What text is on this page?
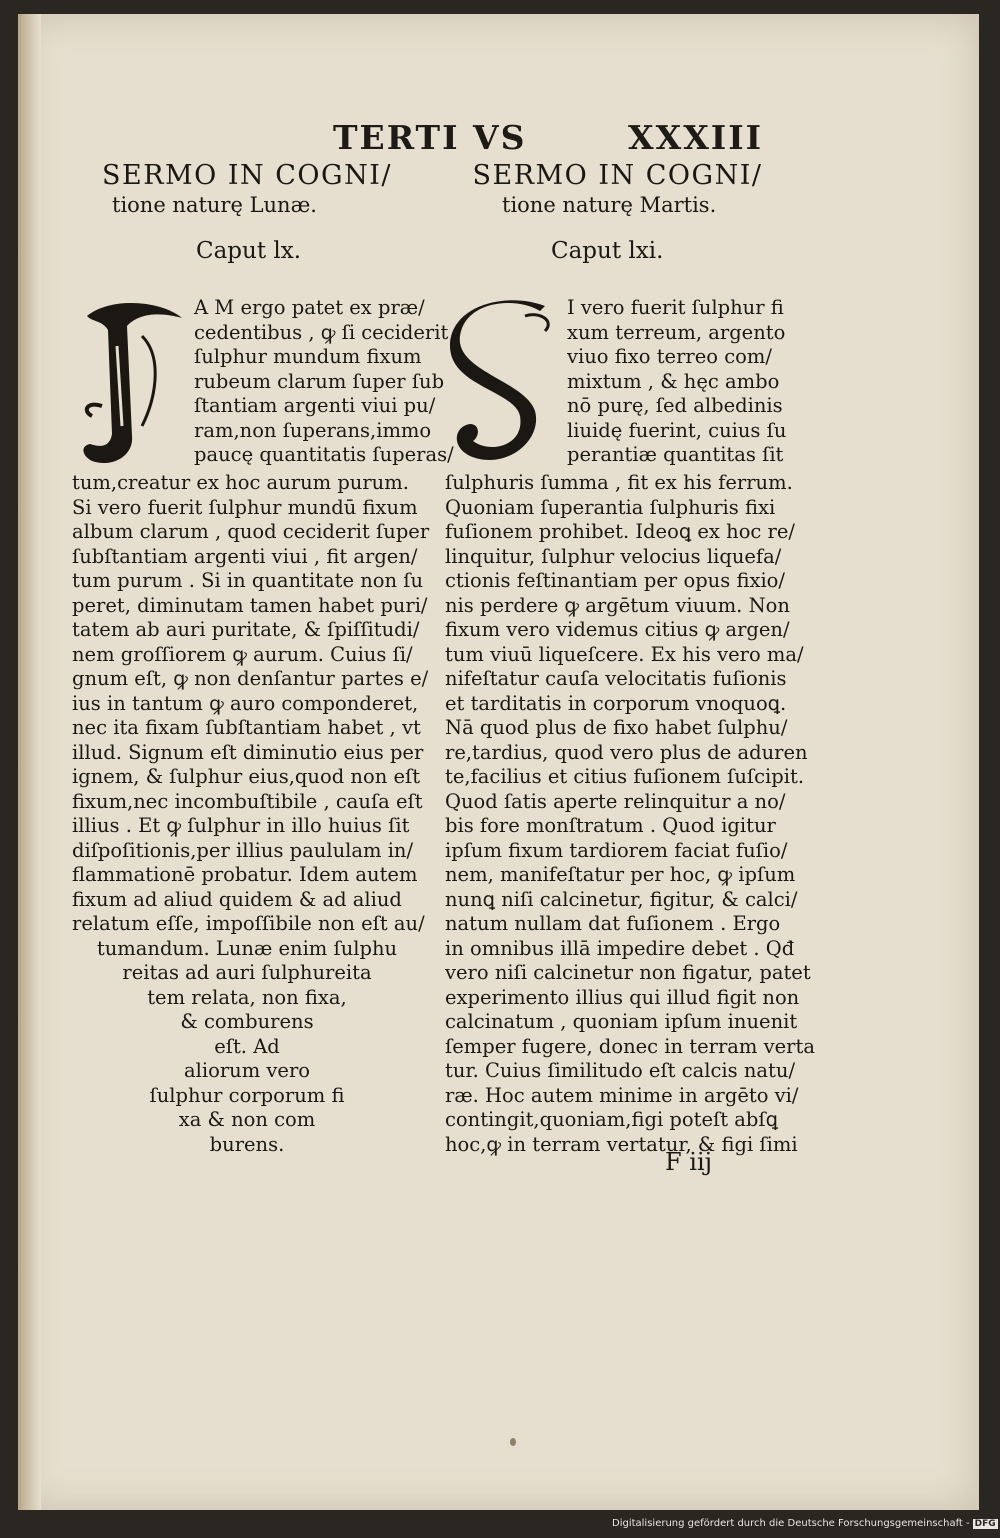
TERTI VS	XXXIII

SERMO IN COGNI/

tione naturę Lunæ.

Caput lx.
I
A M ergo patet ex præ/
cedentibus , ꝙ ſi ceciderit
ſulphur mundum fixum
rubeum clarum ſuper ſub
ſtantiam argenti viui pu/
ram,non ſuperans,immo
paucę quantitatis ſuperas/
tum,creatur ex hoc aurum purum.
Si vero fuerit ſulphur mundū fixum
album clarum , quod ceciderit ſuper
ſubſtantiam argenti viui , fit argen/
tum purum . Si in quantitate non ſu
peret, diminutam tamen habet puri/
tatem ab auri puritate, & ſpiſſitudi/
nem groſſiorem ꝙ aurum. Cuius ſi/
gnum eſt, ꝙ non denſantur partes e/
ius in tantum ꝙ auro componderet,
nec ita fixam ſubſtantiam habet , vt
illud. Signum eſt diminutio eius per
ignem, & ſulphur eius,quod non eſt
fixum,nec incombuſtibile , cauſa eſt
illius . Et ꝙ ſulphur in illo huius ſit
diſpoſitionis,per illius paululam in/
flammationē probatur. Idem autem
fixum ad aliud quidem & ad aliud
relatum eſſe, impoſſibile non eſt au/
tumandum. Lunæ enim ſulphu
reitas ad auri ſulphureita
tem relata, non fixa,
& comburens
eſt. Ad
aliorum vero
ſulphur corporum fi
xa & non com
burens.

SERMO IN COGNI/

tione naturę Martis.

Caput lxi.
S
I vero fuerit ſulphur fi
xum terreum, argento
viuo fixo terreo com/
mixtum , & hęc ambo
nō purę, ſed albedinis
liuidę fuerint, cuius ſu
perantiæ quantitas ſit
ſulphuris ſumma , fit ex his ferrum.
Quoniam ſuperantia ſulphuris fixi
fuſionem prohibet. Ideoꝗ ex hoc re/
linquitur, ſulphur velocius liquefa/
ctionis feſtinantiam per opus fixio/
nis perdere ꝙ argētum viuum. Non
fixum vero videmus citius ꝙ argen/
tum viuū liqueſcere. Ex his vero ma/
nifeſtatur cauſa velocitatis fuſionis
et tarditatis in corporum vnoquoꝗ.
Nā quod plus de fixo habet ſulphu/
re,tardius, quod vero plus de aduren
te,facilius et citius fuſionem ſuſcipit.
Quod ſatis aperte relinquitur a no/
bis fore monſtratum . Quod igitur
ipſum fixum tardiorem faciat fuſio/
nem, manifeſtatur per hoc, ꝙ ipſum
nunꝗ niſi calcinetur, figitur, & calci/
natum nullam dat fuſionem . Ergo
in omnibus illā impedire debet . Qđ
vero niſi calcinetur non figatur, patet
experimento illius qui illud figit non
calcinatum , quoniam ipſum inuenit
ſemper fugere, donec in terram verta
tur. Cuius ſimilitudo eſt calcis natu/
ræ. Hoc autem minime in argēto vi/
contingit,quoniam,figi poteſt abſꝗ
hoc,ꝙ in terram vertatur, & figi ſimi
F iij
Digitalisierung gefördert durch die Deutsche Forschungsgemeinschaft - DFG
